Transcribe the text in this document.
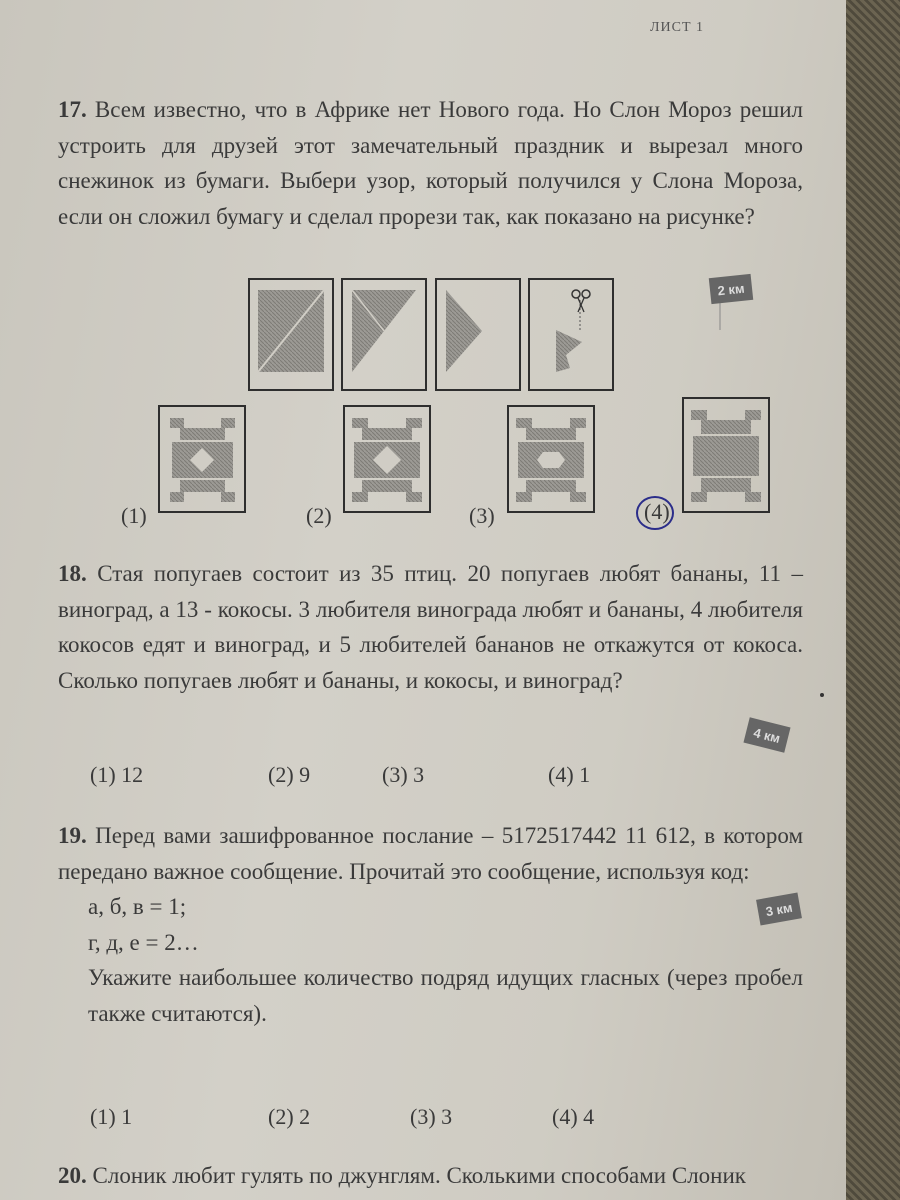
ЛИСТ 1
17. Всем известно, что в Африке нет Нового года. Но Слон Мороз решил устроить для друзей этот замечательный праздник и вырезал много снежинок из бумаги. Выбери узор, который получился у Слона Мороза, если он сложил бумагу и сделал прорези так, как показано на рисунке?
(1)	(2)	(3)	(4)
2 км
18. Стая попугаев состоит из 35 птиц. 20 попугаев любят бананы, 11 – виноград, а 13 - кокосы. 3 любителя винограда любят и бананы, 4 любителя кокосов едят и виноград, и 5 любителей бананов не откажутся от кокоса. Сколько попугаев любят и бананы, и кокосы, и виноград?
4 км
(1) 12	(2) 9	(3) 3	(4) 1
19. Перед вами зашифрованное послание – 5172517442 11 612, в котором передано важное сообщение. Прочитай это сообщение, используя код:
а, б, в = 1;
г, д, е = 2…
Укажите наибольшее количество подряд идущих гласных (через пробел также считаются).
3 км
(1) 1	(2) 2	(3) 3	(4) 4
20. Слоник любит гулять по джунглям. Сколькими способами Слоник
